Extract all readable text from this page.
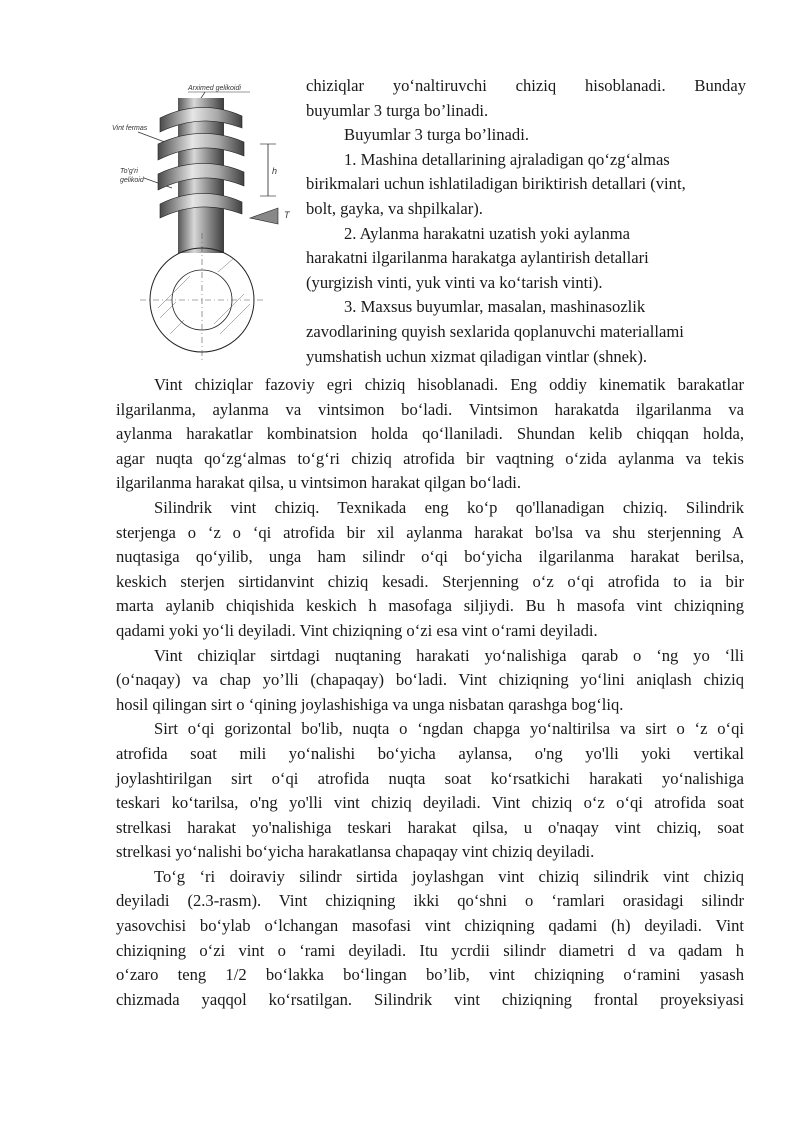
Arximed gelikoidi
Vint fermas
To'g'ri
gelikoid
h
T
chiziqlar yo‘naltiruvchi chiziq hisoblanadi. Bunday
buyumlar 3 turga bo’linadi.
Buyumlar 3 turga bo’linadi.
1. Mashina detallarining ajraladigan qo‘zg‘almas
birikmalari uchun ishlatiladigan biriktirish detallari (vint,
bolt, gayka, va shpilkalar).
2. Aylanma harakatni uzatish yoki aylanma
harakatni ilgarilanma harakatga aylantirish detallari
(yurgizish vinti, yuk vinti va ko‘tarish vinti).
3. Maxsus buyumlar, masalan, mashinasozlik
zavodlarining quyish sexlarida qoplanuvchi materiallami
yumshatish uchun xizmat qiladigan vintlar (shnek).
Vint chiziqlar fazoviy egri chiziq hisoblanadi. Eng oddiy kinematik barakatlar
ilgarilanma, aylanma va vintsimon bo‘ladi. Vintsimon harakatda ilgarilanma va
aylanma harakatlar kombinatsion holda qo‘llaniladi. Shundan kelib chiqqan holda,
agar nuqta qo‘zg‘almas to‘g‘ri chiziq atrofida bir vaqtning o‘zida aylanma va tekis
ilgarilanma harakat qilsa, u vintsimon harakat qilgan bo‘ladi.
Silindrik vint chiziq. Texnikada eng ko‘p qo'llanadigan chiziq. Silindrik
sterjenga o ‘z o ‘qi atrofida bir xil aylanma harakat bo'lsa va shu sterjenning A
nuqtasiga qo‘yilib, unga ham silindr o‘qi bo‘yicha ilgarilanma harakat berilsa,
keskich sterjen sirtidanvint chiziq kesadi. Sterjenning o‘z o‘qi atrofida to ia bir
marta aylanib chiqishida keskich h masofaga siljiydi. Bu h masofa vint chiziqning
qadami yoki yo‘li deyiladi. Vint chiziqning o‘zi esa vint o‘rami deyiladi.
Vint chiziqlar sirtdagi nuqtaning harakati yo‘nalishiga qarab o ‘ng yo ‘lli
(o‘naqay) va chap yo’lli (chapaqay) bo‘ladi. Vint chiziqning yo‘lini aniqlash chiziq
hosil qilingan sirt o ‘qining joylashishiga va unga nisbatan qarashga bog‘liq.
Sirt o‘qi gorizontal bo'lib, nuqta o ‘ngdan chapga yo‘naltirilsa va sirt o ‘z o‘qi
atrofida soat mili yo‘nalishi bo‘yicha aylansa, o'ng yo'lli yoki vertikal
joylashtirilgan sirt o‘qi atrofida nuqta soat ko‘rsatkichi harakati yo‘nalishiga
teskari ko‘tarilsa, o'ng yo'lli vint chiziq deyiladi. Vint chiziq o‘z o‘qi atrofida soat
strelkasi harakat yo'nalishiga teskari harakat qilsa, u o'naqay vint chiziq, soat
strelkasi yo‘nalishi bo‘yicha harakatlansa chapaqay vint chiziq deyiladi.
To‘g ‘ri doiraviy silindr sirtida joylashgan vint chiziq silindrik vint chiziq
deyiladi (2.3-rasm). Vint chiziqning ikki qo‘shni o ‘ramlari orasidagi silindr
yasovchisi bo‘ylab o‘lchangan masofasi vint chiziqning qadami (h) deyiladi. Vint
chiziqning o‘zi vint o ‘rami deyiladi. Itu ycrdii silindr diametri d va qadam h
o‘zaro teng 1/2 bo‘lakka bo‘lingan bo’lib, vint chiziqning o‘ramini yasash
chizmada yaqqol ko‘rsatilgan. Silindrik vint chiziqning frontal proyeksiyasi
